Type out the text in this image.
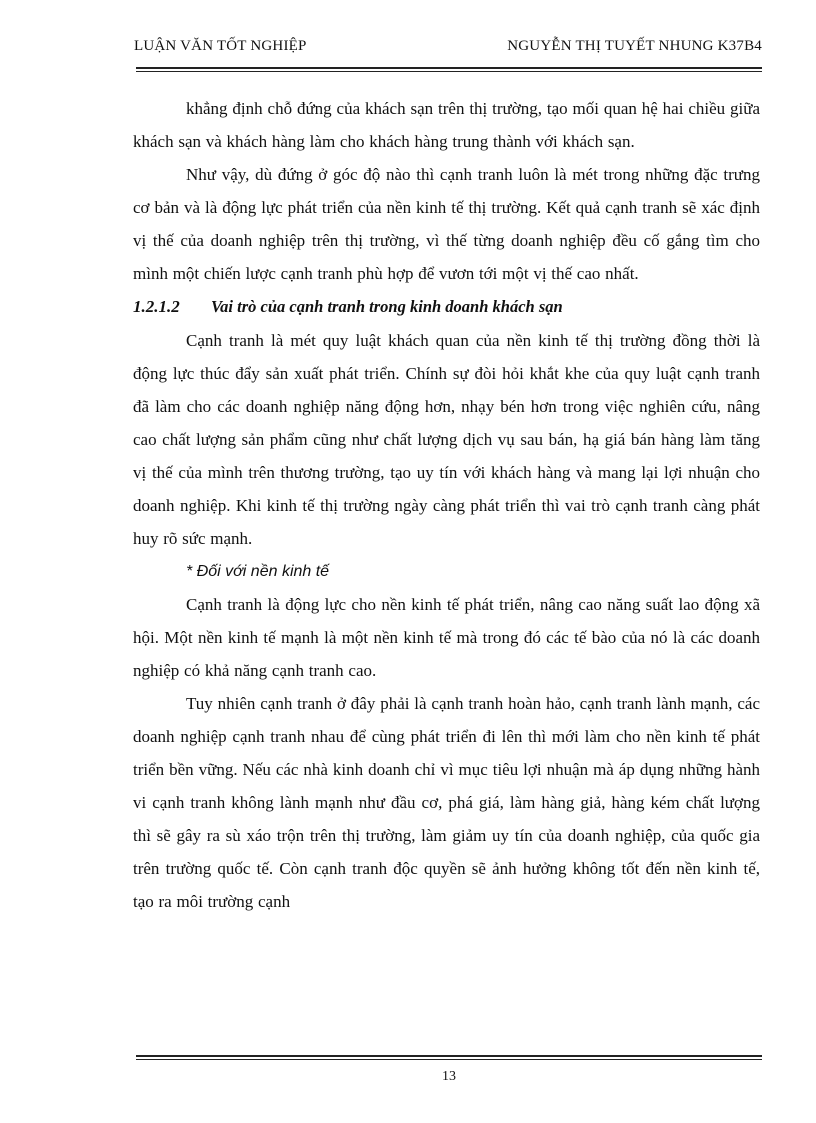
LUẬN VĂN TỐT NGHIỆP	NGUYỄN THỊ TUYẾT NHUNG K37B4

khẳng định chỗ đứng của khách sạn trên thị trường, tạo mối quan hệ hai chiều giữa khách sạn và khách hàng làm cho khách hàng trung thành với khách sạn.

Như vậy, dù đứng ở góc độ nào thì cạnh tranh luôn là mét trong những đặc trưng cơ bản và là động lực phát triển của nền kinh tế thị trường. Kết quả cạnh tranh sẽ xác định vị thế của doanh nghiệp trên thị trường, vì thế từng doanh nghiệp đều cố gắng tìm cho mình một chiến lược cạnh tranh phù hợp để vươn tới một vị thế cao nhất.

1.2.1.2	Vai trò của cạnh tranh trong kinh doanh khách sạn

Cạnh tranh là mét quy luật khách quan của nền kinh tế thị trường đồng thời là động lực thúc đẩy sản xuất phát triển. Chính sự đòi hỏi khắt khe của quy luật cạnh tranh đã làm cho các doanh nghiệp năng động hơn, nhạy bén hơn trong việc nghiên cứu, nâng cao chất lượng sản phẩm cũng như chất lượng dịch vụ sau bán, hạ giá bán hàng làm tăng vị thế của mình trên thương trường, tạo uy tín với khách hàng và mang lại lợi nhuận cho doanh nghiệp. Khi kinh tế thị trường ngày càng phát triển thì vai trò cạnh tranh càng phát huy rõ sức mạnh.

* Đối với nền kinh tế

Cạnh tranh là động lực cho nền kinh tế phát triển, nâng cao năng suất lao động xã hội. Một nền kinh tế mạnh là một nền kinh tế mà trong đó các tế bào của nó là các doanh nghiệp có khả năng cạnh tranh cao.

Tuy nhiên cạnh tranh ở đây phải là cạnh tranh hoàn hảo, cạnh tranh lành mạnh, các doanh nghiệp cạnh tranh nhau để cùng phát triển đi lên thì mới làm cho nền kinh tế phát triển bền vững. Nếu các nhà kinh doanh chỉ vì mục tiêu lợi nhuận mà áp dụng những hành vi cạnh tranh không lành mạnh như đầu cơ, phá giá, làm hàng giả, hàng kém chất lượng thì sẽ gây ra sù xáo trộn trên thị trường, làm giảm uy tín của doanh nghiệp, của quốc gia trên trường quốc tế. Còn cạnh tranh độc quyền sẽ ảnh hưởng không tốt đến nền kinh tế, tạo ra môi trường cạnh

13
